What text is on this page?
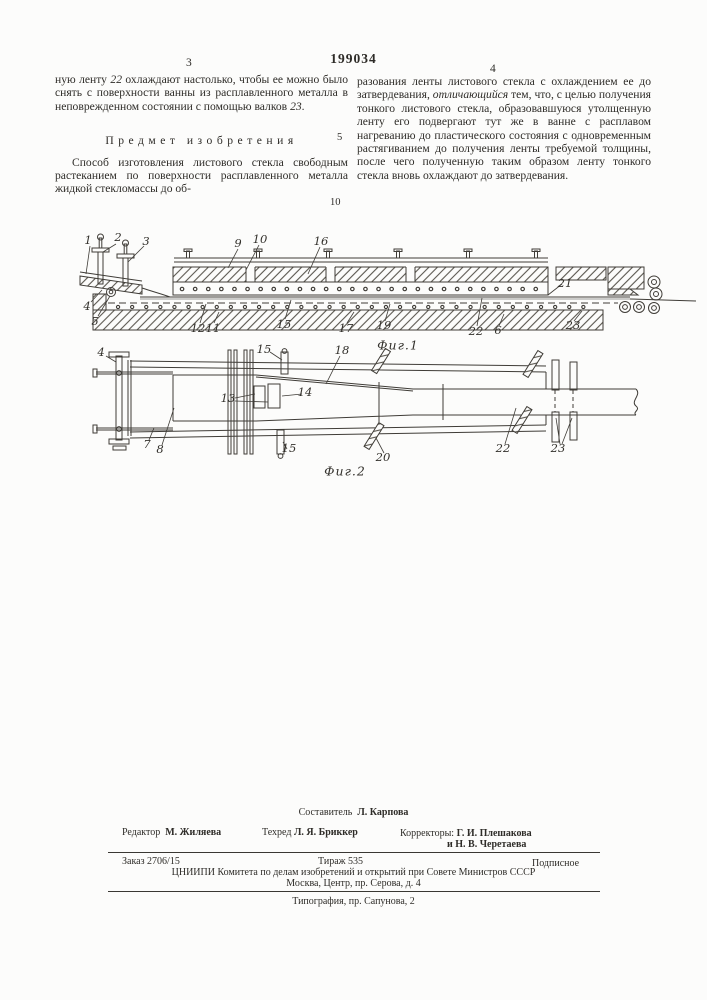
199034
3	4

ную ленту 22 охлаждают настолько, чтобы ее можно было снять с поверхности ванны из расплавленного металла в неповрежденном состоянии с помощью валков 23.

Предмет изобретения

Способ изготовления листового стекла свободным растеканием по поверхности расплавленного металла жидкой стекломассы до об-

разования ленты листового стекла с охлаждением ее до затвердевания, отличающийся тем, что, с целью получения тонкого листового стекла, образовавшуюся утолщенную ленту его подвергают тут же в ванне с расплавом нагреванию до пластического состояния с одновременным растягиванием до получения ленты требуемой толщины, после чего полученную таким образом ленту тонкого стекла вновь охлаждают до затвердевания.

5
10
1 2 3	9 10	16
4
5	12 11	15	17 19	22 6
21
23
4	15	18
13	14
7 8	15
20
22	23
Фиг.1
Фиг.2
Составитель Л. Карпова
Редактор М. Жиляева	Техред Л. Я. Бриккер	Корректоры: Г. И. Плешакова
и Н. В. Черетаева
Заказ 2706/15	Тираж 535	Подписное
ЦНИИПИ Комитета по делам изобретений и открытий при Совете Министров СССР
Москва, Центр, пр. Серова, д. 4
Типография, пр. Сапунова, 2
